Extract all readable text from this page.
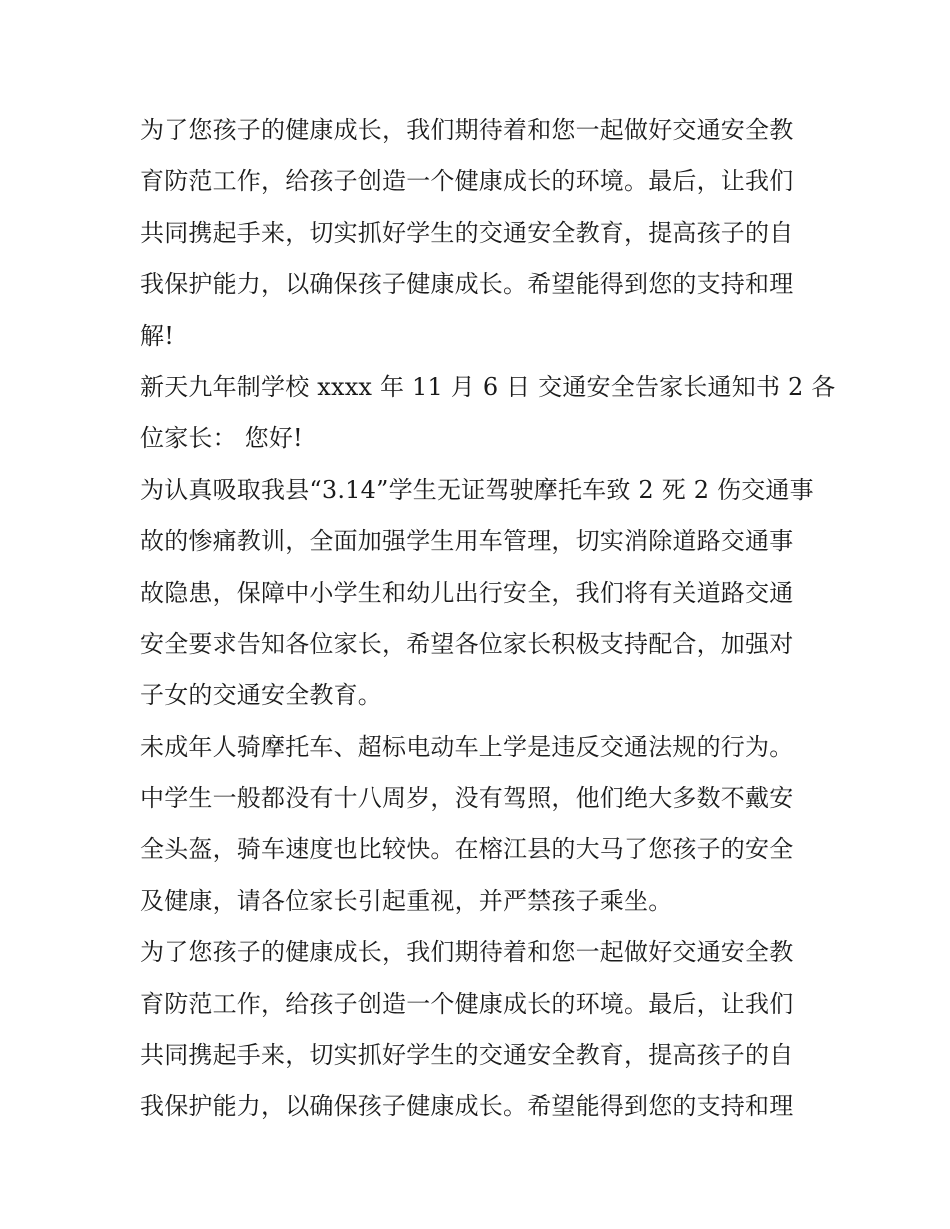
为了您孩子的健康成长，我们期待着和您一起做好交通安全教
育防范工作，给孩子创造一个健康成长的环境。最后，让我们
共同携起手来，切实抓好学生的交通安全教育，提高孩子的自
我保护能力，以确保孩子健康成长。希望能得到您的支持和理
解!

新天九年制学校 xxxx 年 11 月 6 日 交通安全告家长通知书 2 各
位家长： 您好!

为认真吸取我县“3.14”学生无证驾驶摩托车致 2 死 2 伤交通事
故的惨痛教训，全面加强学生用车管理，切实消除道路交通事
故隐患，保障中小学生和幼儿出行安全，我们将有关道路交通
安全要求告知各位家长，希望各位家长积极支持配合，加强对
子女的交通安全教育。

未成年人骑摩托车、超标电动车上学是违反交通法规的行为。
中学生一般都没有十八周岁，没有驾照，他们绝大多数不戴安
全头盔，骑车速度也比较快。在榕江县的大马了您孩子的安全
及健康，请各位家长引起重视，并严禁孩子乘坐。

为了您孩子的健康成长，我们期待着和您一起做好交通安全教
育防范工作，给孩子创造一个健康成长的环境。最后，让我们
共同携起手来，切实抓好学生的交通安全教育，提高孩子的自
我保护能力，以确保孩子健康成长。希望能得到您的支持和理
